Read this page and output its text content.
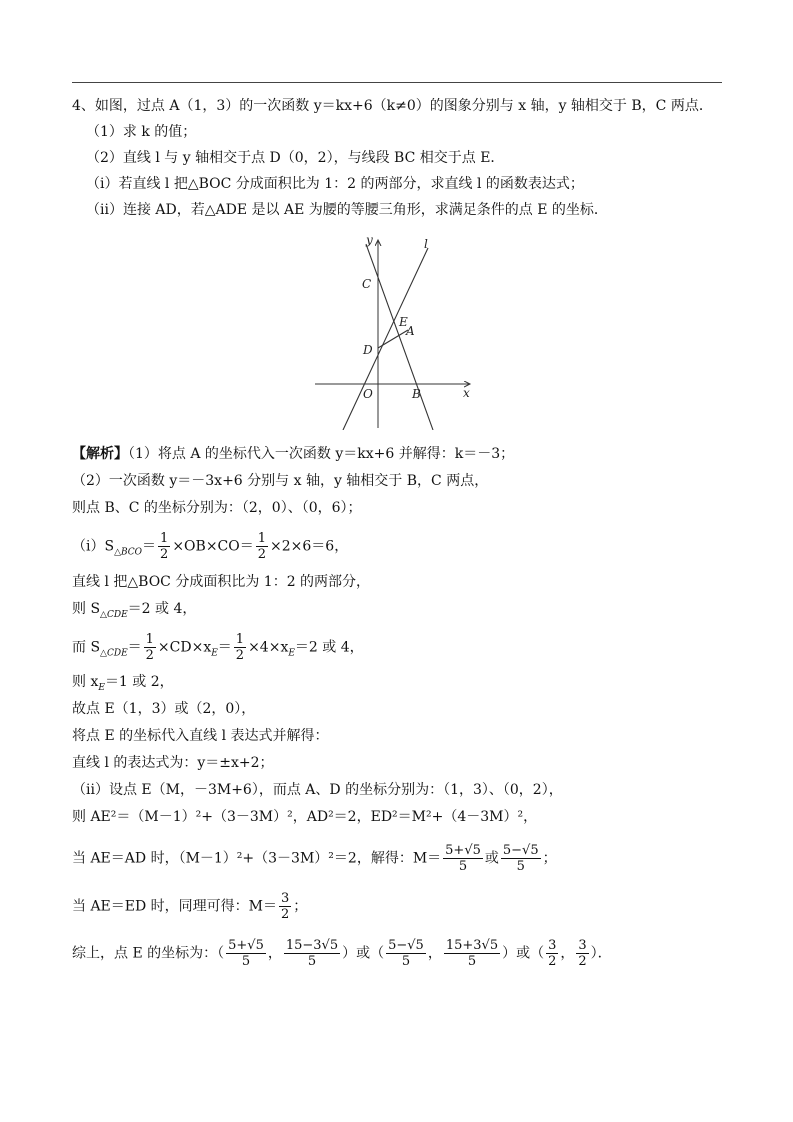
4、如图，过点 A（1，3）的一次函数 y＝kx+6（k≠0）的图象分别与 x 轴，y 轴相交于 B，C 两点．
（1）求 k 的值；
（2）直线 l 与 y 轴相交于点 D（0，2），与线段 BC 相交于点 E．
（i）若直线 l 把△BOC 分成面积比为 1：2 的两部分，求直线 l 的函数表达式；
（ii）连接 AD，若△ADE 是以 AE 为腰的等腰三角形，求满足条件的点 E 的坐标．
y	l
C
E
A
D
O	B	x
【解析】（1）将点 A 的坐标代入一次函数 y＝kx+6 并解得：k＝－3；
（2）一次函数 y＝－3x+6 分别与 x 轴，y 轴相交于 B，C 两点，
则点 B、C 的坐标分别为：（2，0）、（0，6）；
$(i)S_{\triangle BCO}= \frac{1}{2} \times OB\times CO= \frac{1}{2} \times 2\times 6=6$，
直线 l 把△BOC 分成面积比为 1：2 的两部分，
则 $S_{\triangle CDE}=2$ 或 4，
而 $S_{\triangle CDE}= \frac{1}{2} \times CD\times x_E= \frac{1}{2} \times 4\times x_E=2$ 或 4，
则 $x_E=1$ 或 2，
故点 E（1，3）或（2，0），
将点 E 的坐标代入直线 l 表达式并解得：
直线 l 的表达式为：y＝±x+2；
（ii）设点 E（M，－3M+6），而点 A、D 的坐标分别为：（1，3）、（0，2），
则 AE²＝（M－1）²+（3－3M）²，AD²＝2，ED²＝M²+（4－3M）²，
当 AE＝AD 时，（M－1）²+（3－3M）²＝2，解得：$M= \frac{5+√5}{5}$ 或 $\frac{5-√5}{5}$ ；
当 AE＝ED 时，同理可得：$M= \frac{3}{2}$ ；
综上，点 E 的坐标为：（ $\frac{5+√5}{5}$ ， $\frac{15-3√5}{5}$ ）或（ $\frac{5-√5}{5}$ ， $\frac{15+3√5}{5}$ ）或（ $\frac{3}{2}$ ， $\frac{3}{2}$ ）．
